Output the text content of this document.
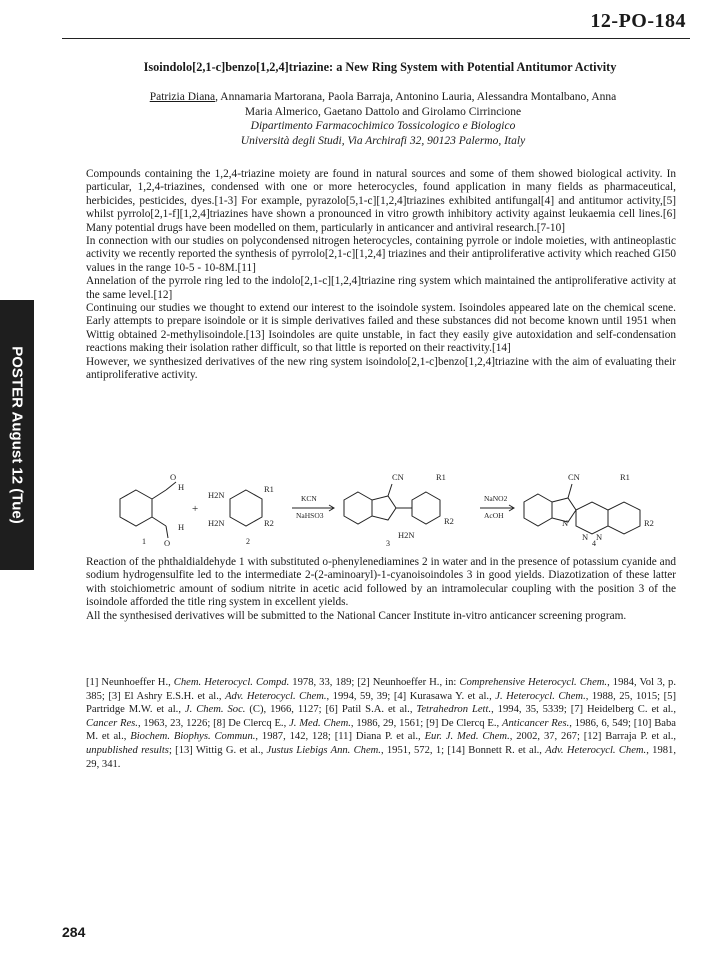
12-PO-184
POSTER August 12 (Tue)
Isoindolo[2,1-c]benzo[1,2,4]triazine: a New Ring System with Potential Antitumor Activity
Patrizia Diana, Annamaria Martorana, Paola Barraja, Antonino Lauria, Alessandra Montalbano, Anna
Maria Almerico, Gaetano Dattolo and Girolamo Cirrincione
Dipartimento Farmacochimico Tossicologico e Biologico
Università degli Studi, Via Archirafi 32, 90123 Palermo, Italy

Compounds containing the 1,2,4-triazine moiety are found in natural sources and some of them showed biological activity. In particular, 1,2,4-triazines, condensed with one or more heterocycles, found application in many fields as pharmaceutical, herbicides, pesticides, dyes.[1-3] For example, pyrazolo[5,1-c][1,2,4]triazines exhibited antifungal[4] and antitumor activity,[5] whilst pyrrolo[2,1-f][1,2,4]triazines have shown a pronounced in vitro growth inhibitory activity against leukaemia cell lines.[6] Many potential drugs have been modelled on them, particularly in anticancer and antiviral research.[7-10]

In connection with our studies on polycondensed nitrogen heterocycles, containing pyrrole or indole moieties, with antineoplastic activity we recently reported the synthesis of pyrrolo[2,1-c][1,2,4] triazines and their antiproliferative activity which reached GI50 values in the range 10-5 - 10-8M.[11]

Annelation of the pyrrole ring led to the indolo[2,1-c][1,2,4]triazine ring system which maintained the antiproliferative activity at the same level.[12]

Continuing our studies we thought to extend our interest to the isoindole system. Isoindoles appeared late on the chemical scene. Early attempts to prepare isoindole or it is simple derivatives failed and these substances did not become known until 1951 when Wittig obtained 2-methylisoindole.[13] Isoindoles are quite unstable, in fact they easily give autoxidation and self-condensation reactions making their isolation rather difficult, so that little is reported on their reactivity.[14]

However, we synthesized derivatives of the new ring system isoindolo[2,1-c]benzo[1,2,4]triazine with the aim of evaluating their antiproliferative activity.

O
H
H
O
+
H2N
H2N
R1
R2
KCN
NaHSO3
CN	R1
R2
H2N
NaNO2
AcOH
CN	R1
R2
N
N N
1	2	3	4

Reaction of the phthaldialdehyde 1 with substituted o-phenylenediamines 2 in water and in the presence of potassium cyanide and sodium hydrogensulfite led to the intermediate 2-(2-aminoaryl)-1-cyanoisoindoles 3 in good yields. Diazotization of these latter with stoichiometric amount of sodium nitrite in acetic acid followed by an intramolecular coupling with the position 3 of the isoindole afforded the title ring system in excellent yields.

All the synthesised derivatives will be submitted to the National Cancer Institute in-vitro anticancer screening program.

[1] Neunhoeffer H., Chem. Heterocycl. Compd. 1978, 33, 189; [2] Neunhoeffer H., in: Comprehensive Heterocycl. Chem., 1984, Vol 3, p. 385; [3] El Ashry E.S.H. et al., Adv. Heterocycl. Chem., 1994, 59, 39; [4] Kurasawa Y. et al., J. Heterocycl. Chem., 1988, 25, 1015; [5] Partridge M.W. et al., J. Chem. Soc. (C), 1966, 1127; [6] Patil S.A. et al., Tetrahedron Lett., 1994, 35, 5339; [7] Heidelberg C. et al., Cancer Res., 1963, 23, 1226; [8] De Clercq E., J. Med. Chem., 1986, 29, 1561; [9] De Clercq E., Anticancer Res., 1986, 6, 549; [10] Baba M. et al., Biochem. Biophys. Commun., 1987, 142, 128; [11] Diana P. et al., Eur. J. Med. Chem., 2002, 37, 267; [12] Barraja P. et al., unpublished results; [13] Wittig G. et al., Justus Liebigs Ann. Chem., 1951, 572, 1; [14] Bonnett R. et al., Adv. Heterocycl. Chem., 1981, 29, 341.
284
